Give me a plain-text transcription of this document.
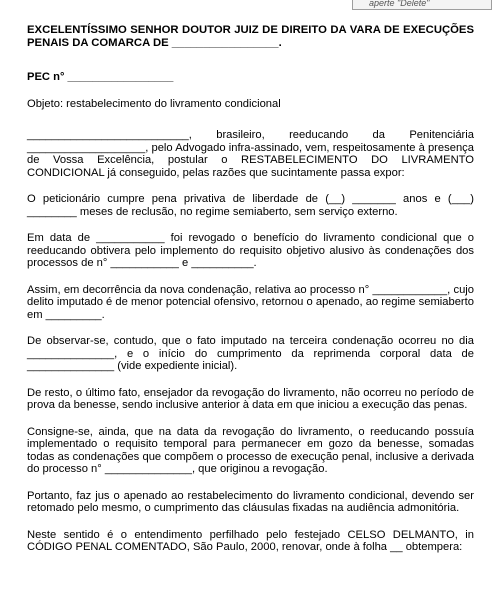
aperte "Delete"

EXCELENTÍSSIMO SENHOR DOUTOR JUIZ DE DIREITO DA VARA DE EXECUÇÕES PENAIS DA COMARCA DE _________________.

PEC n° _________________

Objeto: restabelecimento do livramento condicional

__________________________, brasileiro, reeducando da Penitenciária ___________________, pelo Advogado infra-assinado, vem, respeitosamente à presença de Vossa Excelência, postular o RESTABELECIMENTO DO LIVRAMENTO CONDICIONAL já conseguido, pelas razões que sucintamente passa expor:

O peticionário cumpre pena privativa de liberdade de (__) _______ anos e (___) ________ meses de reclusão, no regime semiaberto, sem serviço externo.

Em data de ___________ foi revogado o benefício do livramento condicional que o reeducando obtivera pelo implemento do requisito objetivo alusivo às condenações dos processos de n° ___________ e __________.

Assim, em decorrência da nova condenação, relativa ao processo n° ____________, cujo delito imputado é de menor potencial ofensivo, retornou o apenado, ao regime semiaberto em _________.

De observar-se, contudo, que o fato imputado na terceira condenação ocorreu no dia ______________, e o início do cumprimento da reprimenda corporal data de ______________ (vide expediente inicial).

De resto, o último fato, ensejador da revogação do livramento, não ocorreu no período de prova da benesse, sendo inclusive anterior à data em que iniciou a execução das penas.

Consigne-se, ainda, que na data da revogação do livramento, o reeducando possuía implementado o requisito temporal para permanecer em gozo da benesse, somadas todas as condenações que compõem o processo de execução penal, inclusive a derivada do processo n° ______________, que originou a revogação.

Portanto, faz jus o apenado ao restabelecimento do livramento condicional, devendo ser retomado pelo mesmo, o cumprimento das cláusulas fixadas na audiência admonitória.

Neste sentido é o entendimento perfilhado pelo festejado CELSO DELMANTO, in CÓDIGO PENAL COMENTADO, São Paulo, 2000, renovar, onde à folha __ obtempera:
